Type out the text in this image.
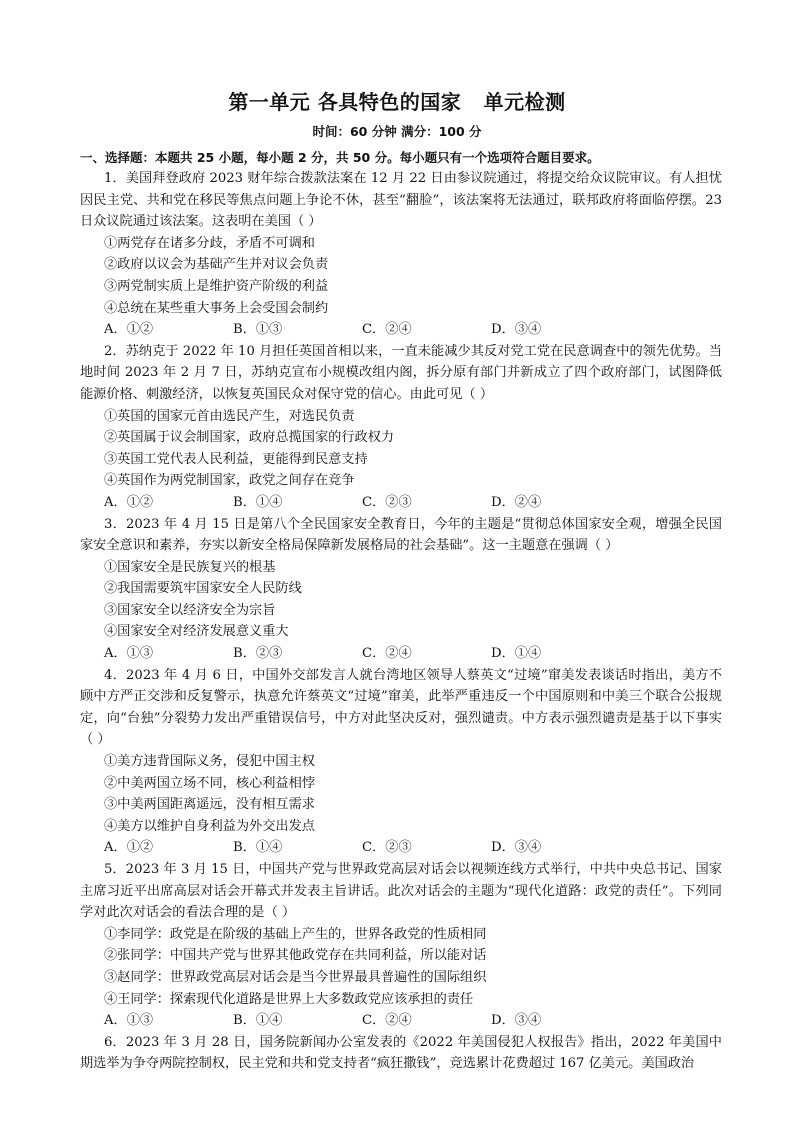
第一单元 各具特色的国家   单元检测
时间：60 分钟 满分：100 分
一、选择题：本题共 25 小题，每小题 2 分，共 50 分。每小题只有一个选项符合题目要求。

1．美国拜登政府 2023 财年综合拨款法案在 12 月 22 日由参议院通过，将提交给众议院审议。有人担忧因民主党、共和党在移民等焦点问题上争论不休，甚至“翻脸”，该法案将无法通过，联邦政府将面临停摆。23 日众议院通过该法案。这表明在美国（ ）

①两党存在诸多分歧，矛盾不可调和

②政府以议会为基础产生并对议会负责

③两党制实质上是维护资产阶级的利益

④总统在某些重大事务上会受国会制约

A．①②	B．①③	C．②④	D．③④

2．苏纳克于 2022 年 10 月担任英国首相以来，一直未能减少其反对党工党在民意调查中的领先优势。当地时间 2023 年 2 月 7 日，苏纳克宣布小规模改组内阁，拆分原有部门并新成立了四个政府部门，试图降低能源价格、刺激经济，以恢复英国民众对保守党的信心。由此可见（ ）

①英国的国家元首由选民产生，对选民负责

②英国属于议会制国家，政府总揽国家的行政权力

③英国工党代表人民利益，更能得到民意支持

④英国作为两党制国家，政党之间存在竞争

A．①②	B．①④	C．②③	D．②④

3．2023 年 4 月 15 日是第八个全民国家安全教育日，今年的主题是“贯彻总体国家安全观，增强全民国家安全意识和素养，夯实以新安全格局保障新发展格局的社会基础”。这一主题意在强调（ ）

①国家安全是民族复兴的根基

②我国需要筑牢国家安全人民防线

③国家安全以经济安全为宗旨

④国家安全对经济发展意义重大

A．①③	B．②③	C．②④	D．①④

4．2023 年 4 月 6 日，中国外交部发言人就台湾地区领导人蔡英文“过境”窜美发表谈话时指出，美方不顾中方严正交涉和反复警示，执意允许蔡英文“过境”窜美，此举严重违反一个中国原则和中美三个联合公报规定，向“台独”分裂势力发出严重错误信号，中方对此坚决反对，强烈谴责。中方表示强烈谴责是基于以下事实（ ）

①美方违背国际义务，侵犯中国主权

②中美两国立场不同，核心利益相悖

③中美两国距离遥远，没有相互需求

④美方以维护自身利益为外交出发点

A．①②	B．①④	C．②③	D．③④

5．2023 年 3 月 15 日，中国共产党与世界政党高层对话会以视频连线方式举行，中共中央总书记、国家主席习近平出席高层对话会开幕式并发表主旨讲话。此次对话会的主题为“现代化道路：政党的责任”。下列同学对此次对话会的看法合理的是（ ）

①李同学：政党是在阶级的基础上产生的，世界各政党的性质相同

②张同学：中国共产党与世界其他政党存在共同利益，所以能对话

③赵同学：世界政党高层对话会是当今世界最具普遍性的国际组织

④王同学：探索现代化道路是世界上大多数政党应该承担的责任

A．①③	B．①④	C．②④	D．③④

6．2023 年 3 月 28 日，国务院新闻办公室发表的《2022 年美国侵犯人权报告》指出，2022 年美国中期选举为争夺两院控制权，民主党和共和党支持者“疯狂撒钱”，竞选累计花费超过 167 亿美元。美国政治
